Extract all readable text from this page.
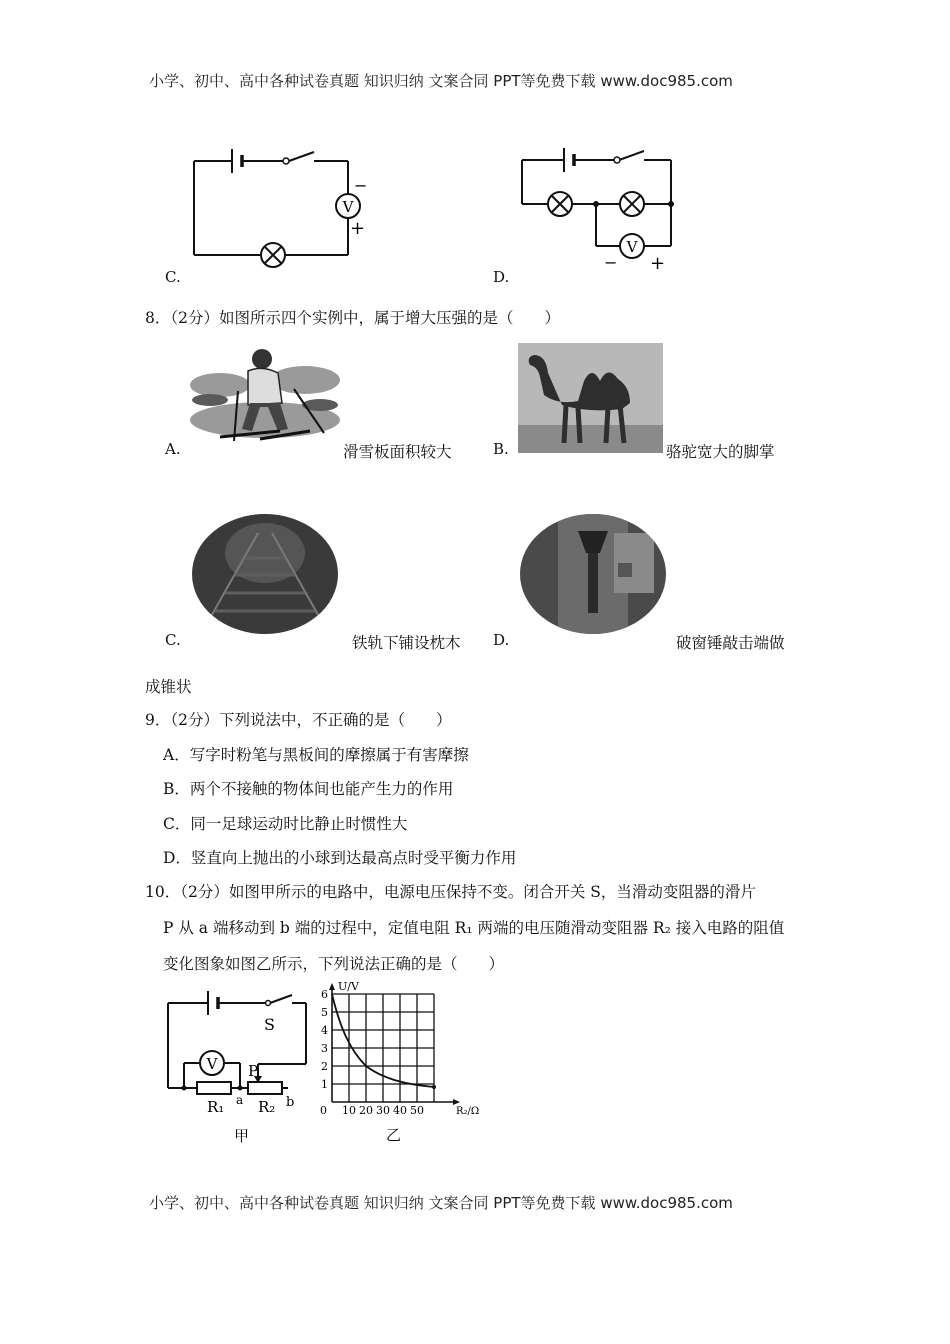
小学、初中、高中各种试卷真题 知识归纳 文案合同 PPT等免费下载 www.doc985.com
小学、初中、高中各种试卷真题 知识归纳 文案合同 PPT等免费下载 www.doc985.com
C.
V
−
+
D.
V
− +
8．（2分）如图所示四个实例中，属于增大压强的是（　　）
A.	滑雪板面积较大	B.	骆驼宽大的脚掌
C.	铁轨下铺设枕木 D.	破窗锤敲击端做
成锥状
9．（2分）下列说法中，不正确的是（　　）
A．写字时粉笔与黑板间的摩擦属于有害摩擦
B．两个不接触的物体间也能产生力的作用
C．同一足球运动时比静止时惯性大
D．竖直向上抛出的小球到达最高点时受平衡力作用
10．（2分）如图甲所示的电路中，电源电压保持不变。闭合开关 S，当滑动变阻器的滑片
P 从 a 端移动到 b 端的过程中，定值电阻 R₁ 两端的电压随滑动变阻器 R₂ 接入电路的阻值
变化图象如图乙所示，下列说法正确的是（　　）
V
S
P
R₁ R₂
a	b
甲
U/V
R₂/Ω
0
1
2
3
4
5
6
10 20 30 40 50
乙
